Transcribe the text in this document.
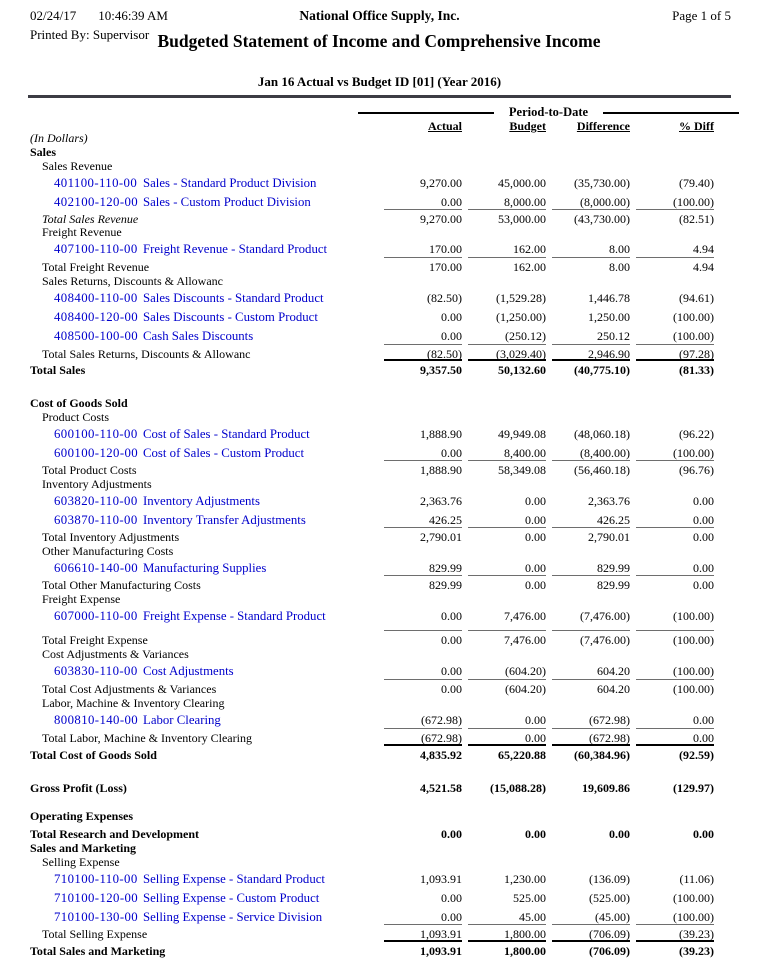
02/24/17 10:46:39 AM	National Office Supply, Inc.	Page 1 of 5
Printed By: Supervisor Budgeted Statement of Income and Comprehensive Income
Jan 16 Actual vs Budget ID [01] (Year 2016)
Period-to-Date
Actual	Budget	Difference	% Diff
(In Dollars)
Sales
Sales Revenue
401100-110-00 Sales - Standard Product Division	9,270.00	45,000.00	(35,730.00)	(79.40)
402100-120-00 Sales - Custom Product Division	0.00	8,000.00	(8,000.00)	(100.00)
Total Sales Revenue	9,270.00	53,000.00	(43,730.00)	(82.51)
Freight Revenue
407100-110-00 Freight Revenue - Standard Product	170.00	162.00	8.00	4.94
Total Freight Revenue	170.00	162.00	8.00	4.94
Sales Returns, Discounts & Allowanc
408400-110-00 Sales Discounts - Standard Product	(82.50)	(1,529.28)	1,446.78	(94.61)
408400-120-00 Sales Discounts - Custom Product	0.00	(1,250.00)	1,250.00	(100.00)
408500-100-00 Cash Sales Discounts	0.00	(250.12)	250.12	(100.00)
Total Sales Returns, Discounts & Allowanc	(82.50)	(3,029.40)	2,946.90	(97.28)
Total Sales	9,357.50	50,132.60	(40,775.10)	(81.33)
Cost of Goods Sold
Product Costs
600100-110-00 Cost of Sales - Standard Product	1,888.90	49,949.08	(48,060.18)	(96.22)
600100-120-00 Cost of Sales - Custom Product	0.00	8,400.00	(8,400.00)	(100.00)
Total Product Costs	1,888.90	58,349.08	(56,460.18)	(96.76)
Inventory Adjustments
603820-110-00 Inventory Adjustments	2,363.76	0.00	2,363.76	0.00
603870-110-00 Inventory Transfer Adjustments	426.25	0.00	426.25	0.00
Total Inventory Adjustments	2,790.01	0.00	2,790.01	0.00
Other Manufacturing Costs
606610-140-00 Manufacturing Supplies	829.99	0.00	829.99	0.00
Total Other Manufacturing Costs	829.99	0.00	829.99	0.00
Freight Expense
607000-110-00 Freight Expense - Standard Product	0.00	7,476.00	(7,476.00)	(100.00)
Total Freight Expense	0.00	7,476.00	(7,476.00)	(100.00)
Cost Adjustments & Variances
603830-110-00 Cost Adjustments	0.00	(604.20)	604.20	(100.00)
Total Cost Adjustments & Variances	0.00	(604.20)	604.20	(100.00)
Labor, Machine & Inventory Clearing
800810-140-00 Labor Clearing	(672.98)	0.00	(672.98)	0.00
Total Labor, Machine & Inventory Clearing	(672.98)	0.00	(672.98)	0.00
Total Cost of Goods Sold	4,835.92	65,220.88	(60,384.96)	(92.59)
Gross Profit (Loss)	4,521.58	(15,088.28)	19,609.86	(129.97)
Operating Expenses
Total Research and Development	0.00	0.00	0.00	0.00
Sales and Marketing
Selling Expense
710100-110-00 Selling Expense - Standard Product	1,093.91	1,230.00	(136.09)	(11.06)
710100-120-00 Selling Expense - Custom Product	0.00	525.00	(525.00)	(100.00)
710100-130-00 Selling Expense - Service Division	0.00	45.00	(45.00)	(100.00)
Total Selling Expense	1,093.91	1,800.00	(706.09)	(39.23)
Total Sales and Marketing	1,093.91	1,800.00	(706.09)	(39.23)
